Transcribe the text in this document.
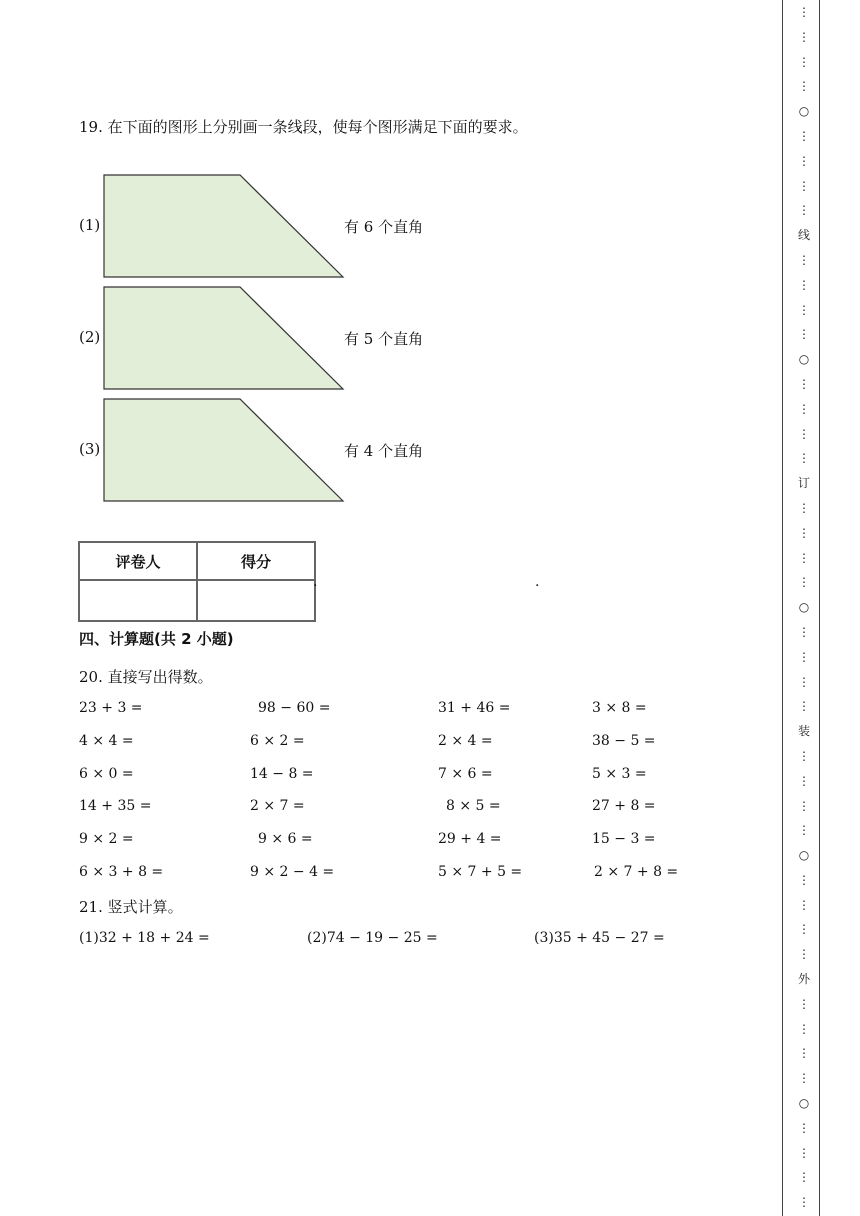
19. 在下面的图形上分别画一条线段，使每个图形满足下面的要求。
(1)	有 6 个直角
(2)	有 5 个直角
(3)	有 4 个直角
评卷人	得分

.	.
四、计算题(共 2 小题)
20. 直接写出得数。
23 + 3 =	98 − 60 =	31 + 46 =	3 × 8 =
4 × 4 =	6 × 2 =	2 × 4 =	38 − 5 =
6 × 0 =	14 − 8 =	7 × 6 =	5 × 3 =
14 + 35 =	2 × 7 =	8 × 5 =	27 + 8 =
9 × 2 =	9 × 6 =	29 + 4 =	15 − 3 =
6 × 3 + 8 =	9 × 2 − 4 =	5 × 7 + 5 =	2 × 7 + 8 =
21. 竖式计算。
(1)32 + 18 + 24 =	(2)74 − 19 − 25 =	(3)35 + 45 − 27 =
⋮
⋮
⋮
⋮
○
⋮
⋮
⋮
⋮
线
⋮
⋮
⋮
⋮
○
⋮
⋮
⋮
⋮
订
⋮
⋮
⋮
⋮
○
⋮
⋮
⋮
⋮
装
⋮
⋮
⋮
⋮
○
⋮
⋮
⋮
⋮
外
⋮
⋮
⋮
⋮
○
⋮
⋮
⋮
⋮
